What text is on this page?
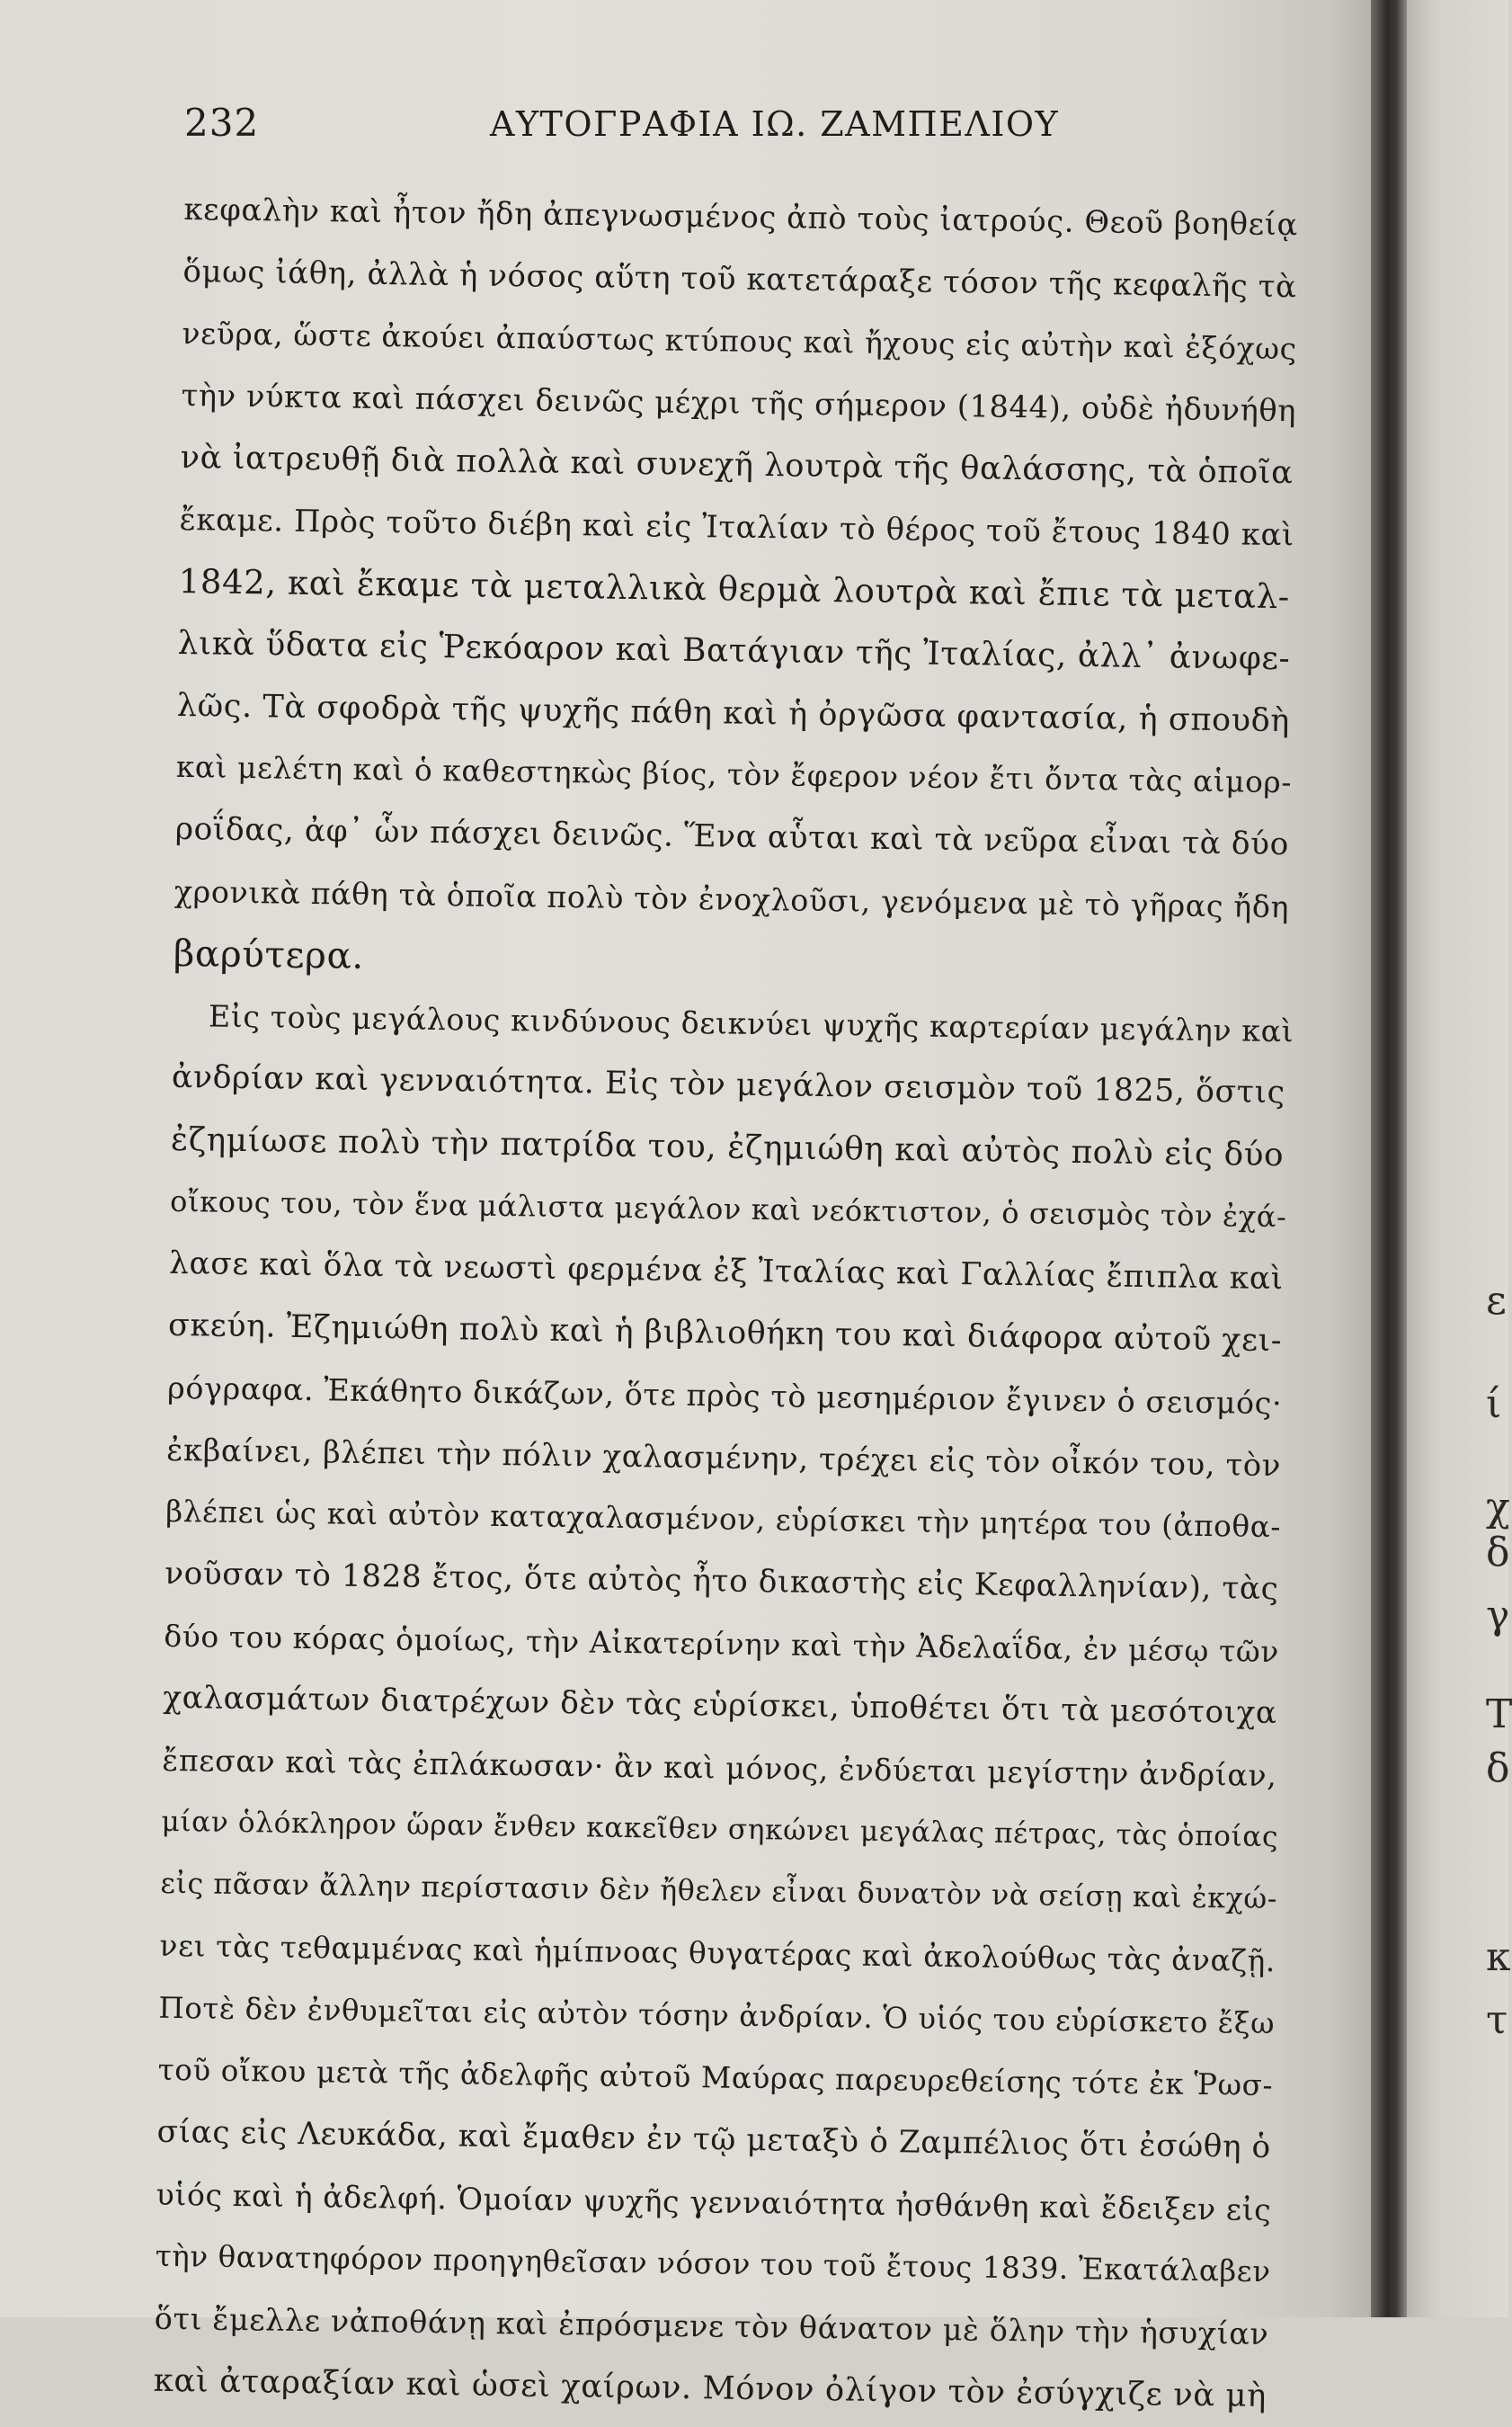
232	ΑΥΤΟΓΡΑΦΙΑ ΙΩ. ΖΑΜΠΕΛΙΟΥ
κεφαλὴν καὶ ἦτον ἤδη ἀπεγνωσμένος ἀπὸ τοὺς ἰατρούς. Θεοῦ βοηθείᾳ
ὅμως ἰάθη, ἀλλὰ ἡ νόσος αὕτη τοῦ κατετάραξε τόσον τῆς κεφαλῆς τὰ
νεῦρα, ὥστε ἀκούει ἀπαύστως κτύπους καὶ ἤχους εἰς αὐτὴν καὶ ἐξόχως
τὴν νύκτα καὶ πάσχει δεινῶς μέχρι τῆς σήμερον (1844), οὐδὲ ἠδυνήθη
νὰ ἰατρευθῇ διὰ πολλὰ καὶ συνεχῆ λουτρὰ τῆς θαλάσσης, τὰ ὁποῖα
ἔκαμε. Πρὸς τοῦτο διέβη καὶ εἰς Ἰταλίαν τὸ θέρος τοῦ ἔτους 1840 καὶ
1842, καὶ ἔκαμε τὰ μεταλλικὰ θερμὰ λουτρὰ καὶ ἔπιε τὰ μεταλ-
λικὰ ὕδατα εἰς Ῥεκόαρον καὶ Βατάγιαν τῆς Ἰταλίας, ἀλλ᾽ ἀνωφε-
λῶς. Τὰ σφοδρὰ τῆς ψυχῆς πάθη καὶ ἡ ὀργῶσα φαντασία, ἡ σπουδὴ
καὶ μελέτη καὶ ὁ καθεστηκὼς βίος, τὸν ἔφερον νέον ἔτι ὄντα τὰς αἱμορ-
ροΐδας, ἀφ᾽ ὧν πάσχει δεινῶς. Ἕνα αὗται καὶ τὰ νεῦρα εἶναι τὰ δύο
χρονικὰ πάθη τὰ ὁποῖα πολὺ τὸν ἐνοχλοῦσι, γενόμενα μὲ τὸ γῆρας ἤδη
βαρύτερα.
Εἰς τοὺς μεγάλους κινδύνους δεικνύει ψυχῆς καρτερίαν μεγάλην καὶ
ἀνδρίαν καὶ γενναιότητα. Εἰς τὸν μεγάλον σεισμὸν τοῦ 1825, ὅστις
ἐζημίωσε πολὺ τὴν πατρίδα του, ἐζημιώθη καὶ αὐτὸς πολὺ εἰς δύο
οἴκους του, τὸν ἕνα μάλιστα μεγάλον καὶ νεόκτιστον, ὁ σεισμὸς τὸν ἐχά-
λασε καὶ ὅλα τὰ νεωστὶ φερμένα ἐξ Ἰταλίας καὶ Γαλλίας ἔπιπλα καὶ
σκεύη. Ἐζημιώθη πολὺ καὶ ἡ βιβλιοθήκη του καὶ διάφορα αὐτοῦ χει-
ρόγραφα. Ἐκάθητο δικάζων, ὅτε πρὸς τὸ μεσημέριον ἔγινεν ὁ σεισμός·
ἐκβαίνει, βλέπει τὴν πόλιν χαλασμένην, τρέχει εἰς τὸν οἶκόν του, τὸν
βλέπει ὡς καὶ αὐτὸν καταχαλασμένον, εὑρίσκει τὴν μητέρα του (ἀποθα-
νοῦσαν τὸ 1828 ἔτος, ὅτε αὐτὸς ἦτο δικαστὴς εἰς Κεφαλληνίαν), τὰς
δύο του κόρας ὁμοίως, τὴν Αἰκατερίνην καὶ τὴν Ἀδελαΐδα, ἐν μέσῳ τῶν
χαλασμάτων διατρέχων δὲν τὰς εὑρίσκει, ὑποθέτει ὅτι τὰ μεσότοιχα
ἔπεσαν καὶ τὰς ἐπλάκωσαν· ἂν καὶ μόνος, ἐνδύεται μεγίστην ἀνδρίαν,
μίαν ὁλόκληρον ὥραν ἔνθεν κακεῖθεν σηκώνει μεγάλας πέτρας, τὰς ὁποίας
εἰς πᾶσαν ἄλλην περίστασιν δὲν ἤθελεν εἶναι δυνατὸν νὰ σείσῃ καὶ ἐκχώ-
νει τὰς τεθαμμένας καὶ ἡμίπνοας θυγατέρας καὶ ἀκολούθως τὰς ἀναζῇ.
Ποτὲ δὲν ἐνθυμεῖται εἰς αὐτὸν τόσην ἀνδρίαν. Ὁ υἱός του εὑρίσκετο ἔξω
τοῦ οἴκου μετὰ τῆς ἀδελφῆς αὐτοῦ Μαύρας παρευρεθείσης τότε ἐκ Ῥωσ-
σίας εἰς Λευκάδα, καὶ ἔμαθεν ἐν τῷ μεταξὺ ὁ Ζαμπέλιος ὅτι ἐσώθη ὁ
υἱός καὶ ἡ ἀδελφή. Ὁμοίαν ψυχῆς γενναιότητα ἠσθάνθη καὶ ἔδειξεν εἰς
τὴν θανατηφόρον προηγηθεῖσαν νόσον του τοῦ ἔτους 1839. Ἐκατάλαβεν
ὅτι ἔμελλε νἀποθάνῃ καὶ ἐπρόσμενε τὸν θάνατον μὲ ὅλην τὴν ἡσυχίαν
καὶ ἀταραξίαν καὶ ὡσεὶ χαίρων. Μόνον ὀλίγον τὸν ἐσύγχιζε νὰ μὴ
ε
ί
χ
δ
γ
Τ
δ
κ
τ
